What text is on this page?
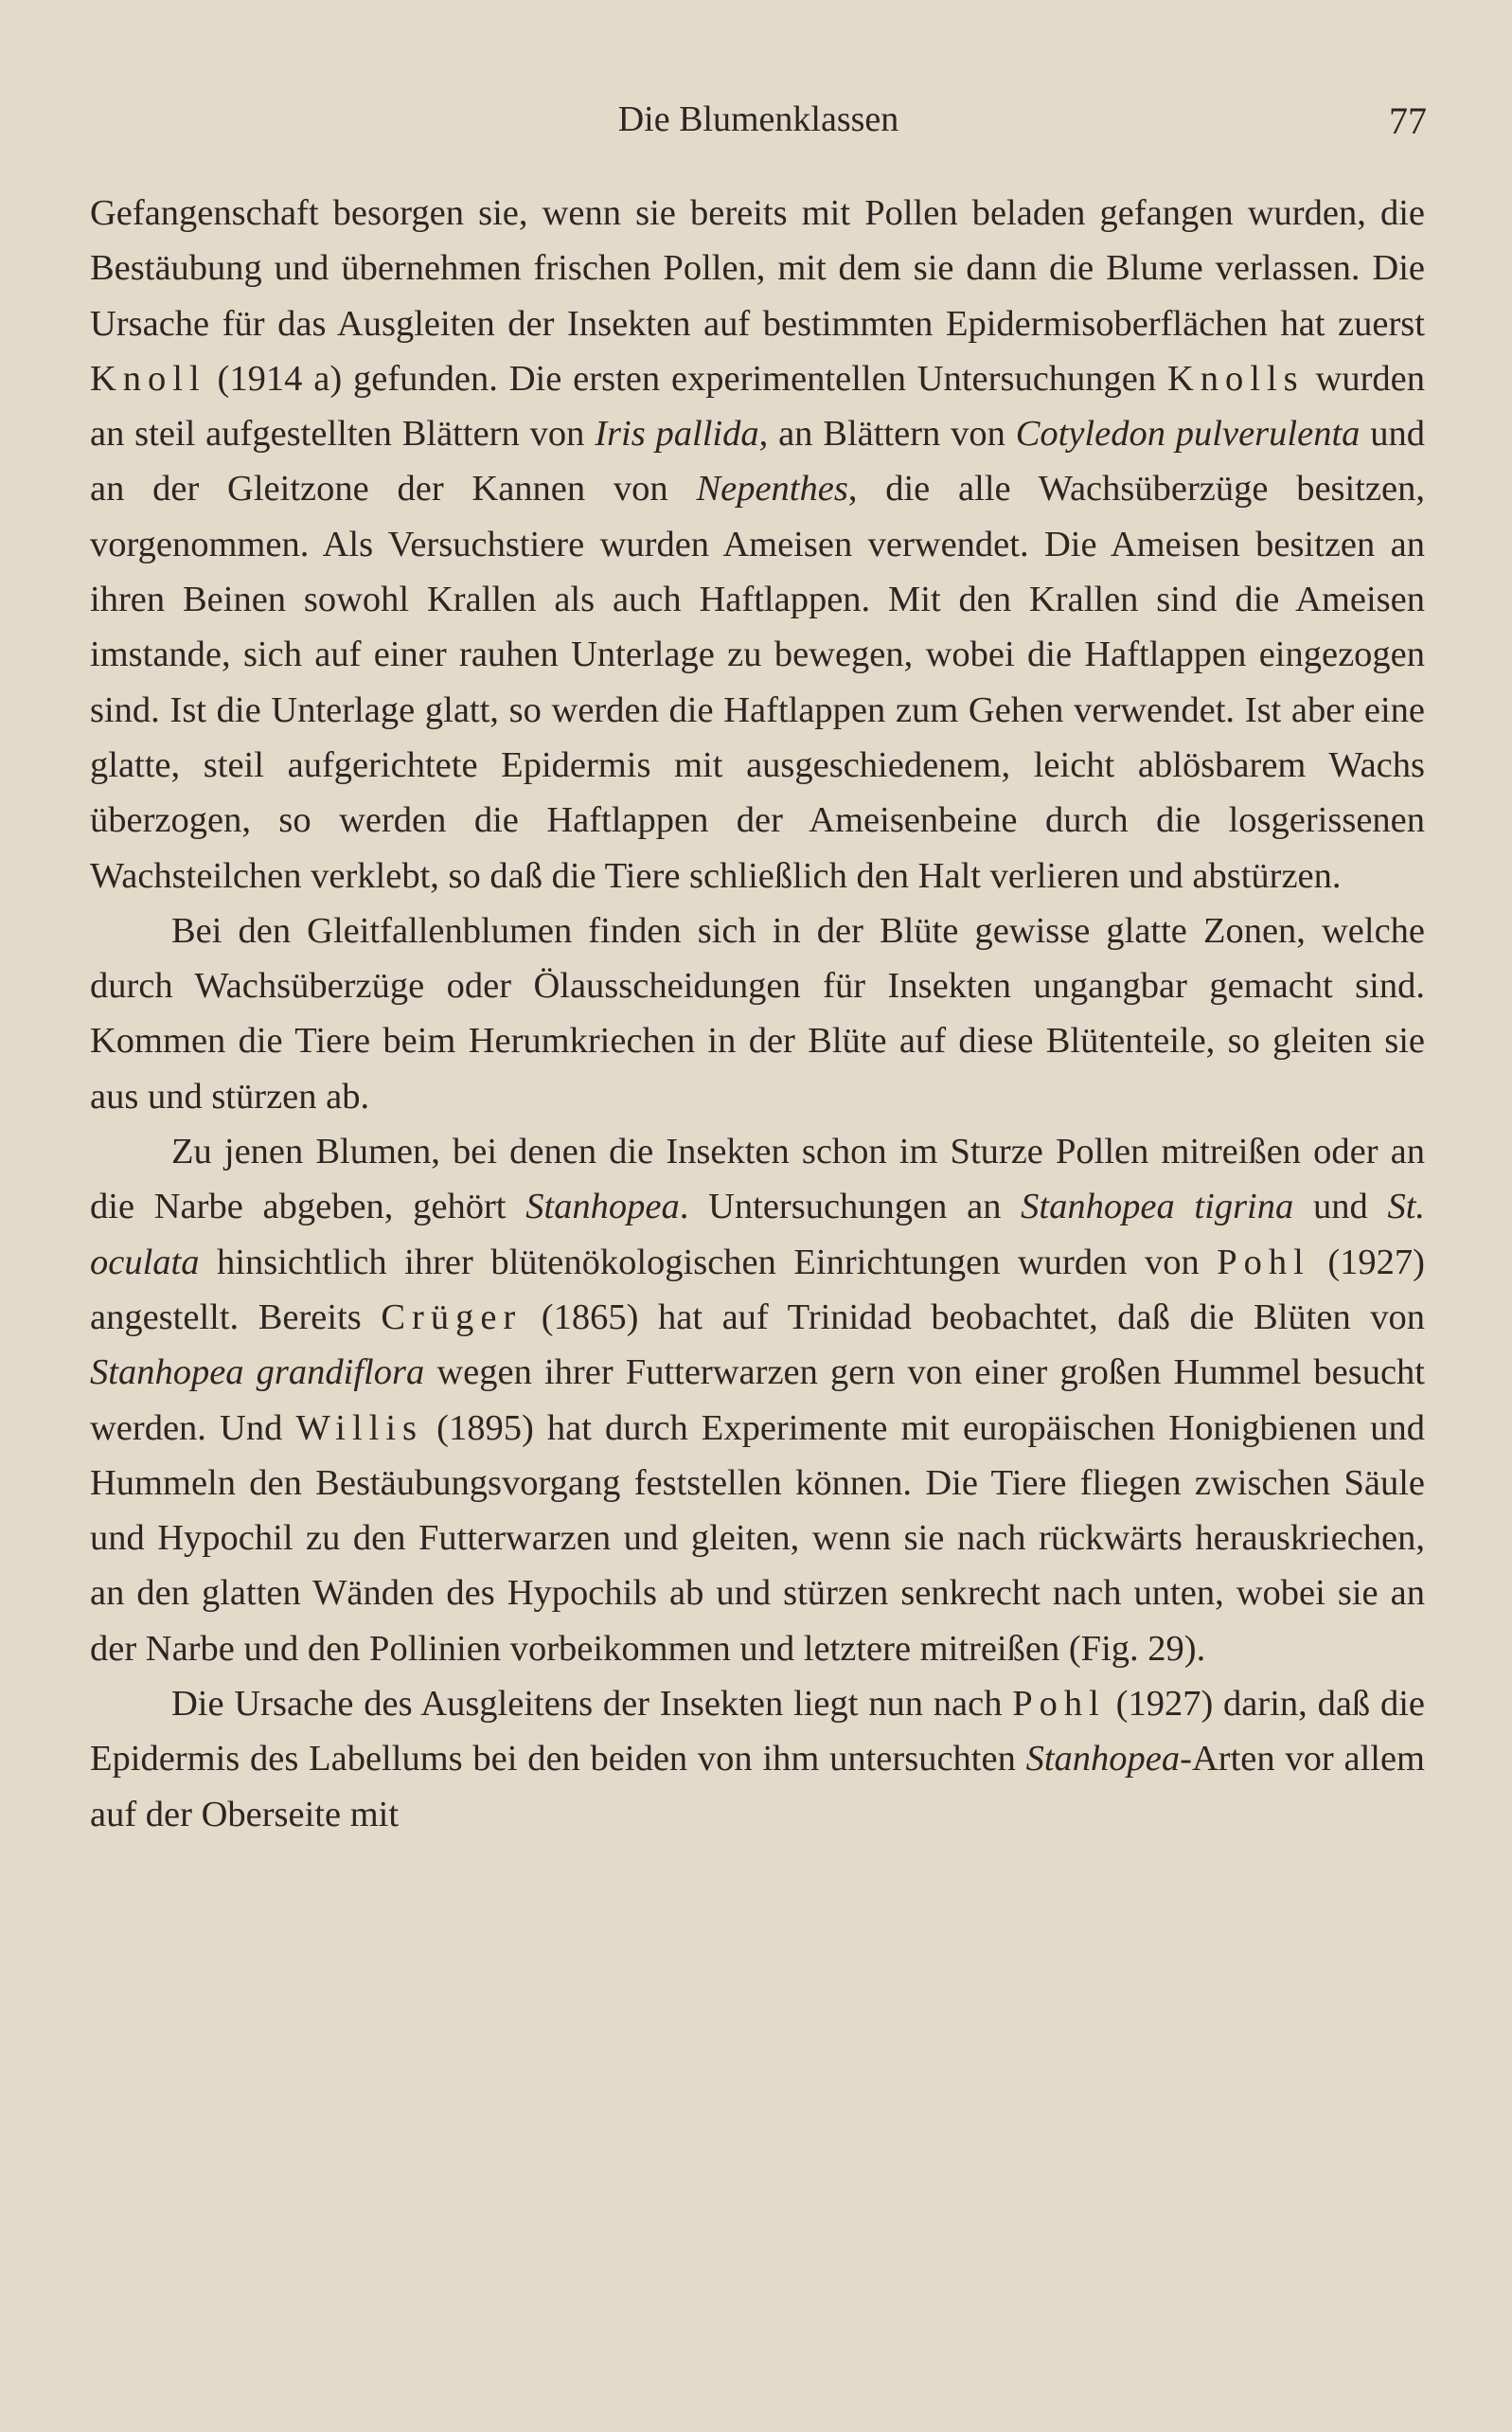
Die Blumenklassen	77

Gefangenschaft besorgen sie, wenn sie bereits mit Pollen beladen gefangen wurden, die Bestäubung und übernehmen frischen Pollen, mit dem sie dann die Blume verlassen. Die Ursache für das Ausgleiten der Insekten auf bestimmten Epidermisoberflächen hat zuerst Knoll (1914 a) gefunden. Die ersten experimentellen Untersuchungen Knolls wurden an steil aufgestellten Blättern von Iris pallida, an Blättern von Cotyledon pulverulenta und an der Gleitzone der Kannen von Nepenthes, die alle Wachsüberzüge besitzen, vorgenommen. Als Versuchstiere wurden Ameisen verwendet. Die Ameisen besitzen an ihren Beinen sowohl Krallen als auch Haftlappen. Mit den Krallen sind die Ameisen imstande, sich auf einer rauhen Unterlage zu bewegen, wobei die Haftlappen eingezogen sind. Ist die Unterlage glatt, so werden die Haftlappen zum Gehen verwendet. Ist aber eine glatte, steil aufgerichtete Epidermis mit ausgeschiedenem, leicht ablösbarem Wachs überzogen, so werden die Haftlappen der Ameisenbeine durch die losgerissenen Wachsteilchen verklebt, so daß die Tiere schließlich den Halt verlieren und abstürzen.

Bei den Gleitfallenblumen finden sich in der Blüte gewisse glatte Zonen, welche durch Wachsüberzüge oder Ölausscheidungen für Insekten ungangbar gemacht sind. Kommen die Tiere beim Herumkriechen in der Blüte auf diese Blütenteile, so gleiten sie aus und stürzen ab.

Zu jenen Blumen, bei denen die Insekten schon im Sturze Pollen mitreißen oder an die Narbe abgeben, gehört Stanhopea. Untersuchungen an Stanhopea tigrina und St. oculata hinsichtlich ihrer blütenökologischen Einrichtungen wurden von Pohl (1927) angestellt. Bereits Crüger (1865) hat auf Trinidad beobachtet, daß die Blüten von Stanhopea grandiflora wegen ihrer Futterwarzen gern von einer großen Hummel besucht werden. Und Willis (1895) hat durch Experimente mit europäischen Honigbienen und Hummeln den Bestäubungsvorgang feststellen können. Die Tiere fliegen zwischen Säule und Hypochil zu den Futterwarzen und gleiten, wenn sie nach rückwärts herauskriechen, an den glatten Wänden des Hypochils ab und stürzen senkrecht nach unten, wobei sie an der Narbe und den Pollinien vorbeikommen und letztere mitreißen (Fig. 29).

Die Ursache des Ausgleitens der Insekten liegt nun nach Pohl (1927) darin, daß die Epidermis des Labellums bei den beiden von ihm untersuchten Stanhopea-Arten vor allem auf der Oberseite mit
